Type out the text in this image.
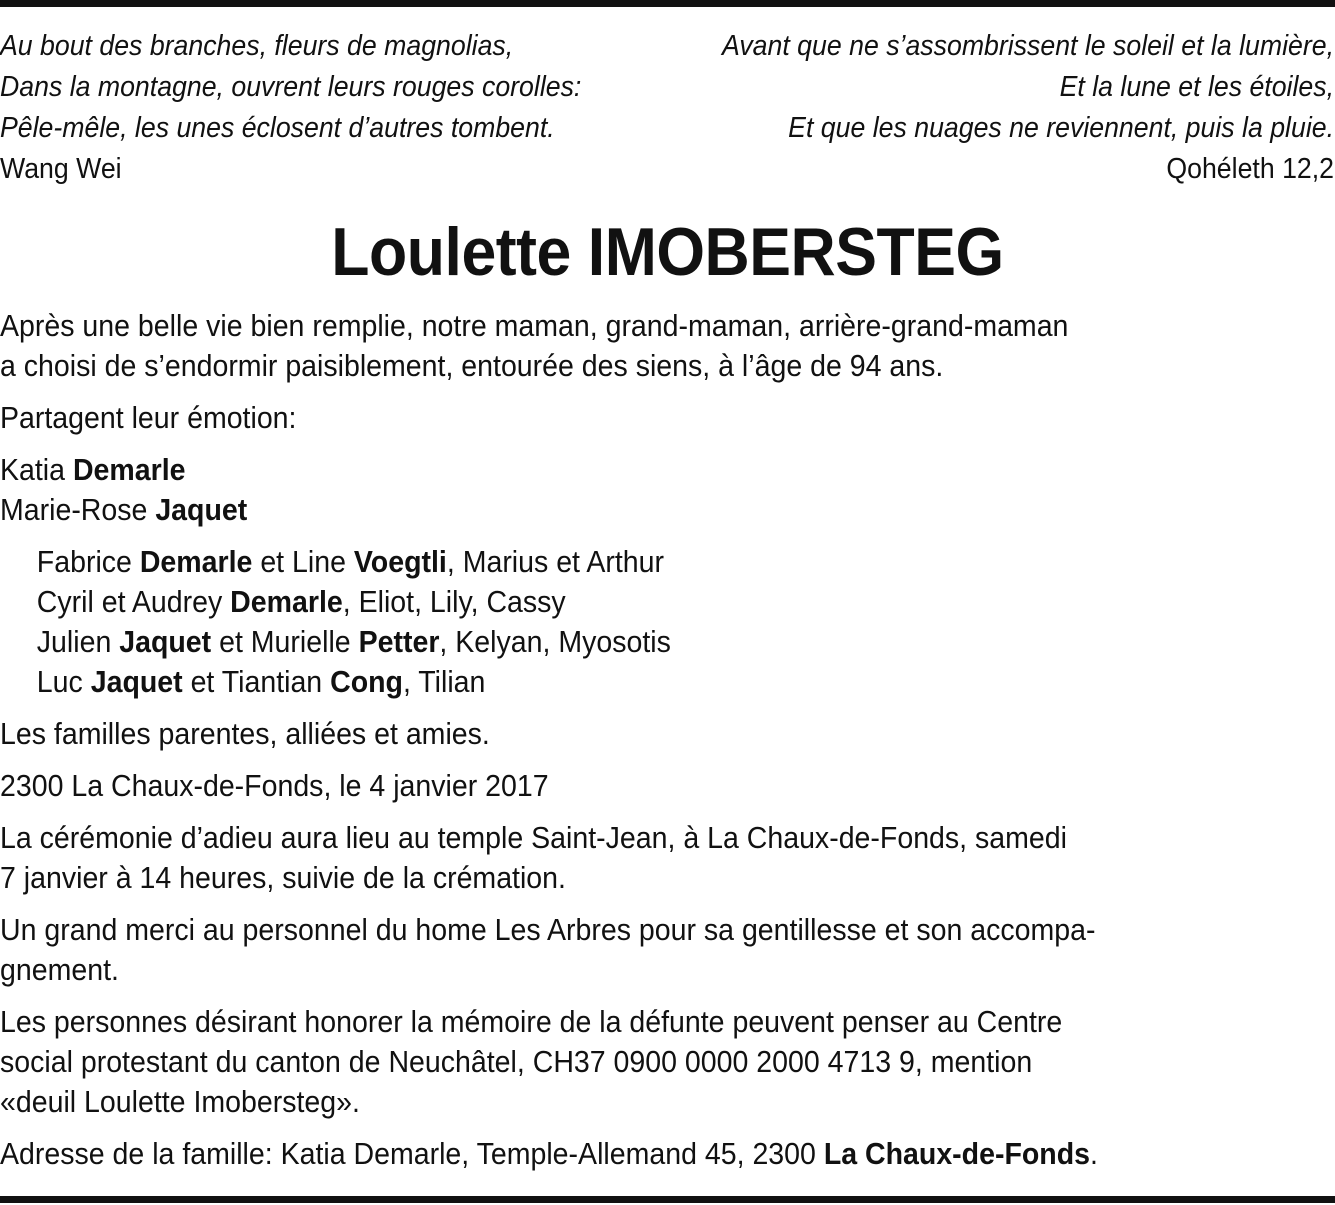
Au bout des branches, fleurs de magnolias,
Dans la montagne, ouvrent leurs rouges corolles:
Pêle-mêle, les unes éclosent d’autres tombent.
Wang Wei
Avant que ne s’assombrissent le soleil et la lumière,
Et la lune et les étoiles,
Et que les nuages ne reviennent, puis la pluie.
Qohéleth 12,2
Loulette IMOBERSTEG

Après une belle vie bien remplie, notre maman, grand-maman, arrière-grand-maman

a choisi de s’endormir paisiblement, entourée des siens, à l’âge de 94 ans.

Partagent leur émotion:

Katia Demarle

Marie-Rose Jaquet

Fabrice Demarle et Line Voegtli, Marius et Arthur

Cyril et Audrey Demarle, Eliot, Lily, Cassy

Julien Jaquet et Murielle Petter, Kelyan, Myosotis

Luc Jaquet et Tiantian Cong, Tilian

Les familles parentes, alliées et amies.

2300 La Chaux-de-Fonds, le 4 janvier 2017

La cérémonie d’adieu aura lieu au temple Saint-Jean, à La Chaux-de-Fonds, samedi

7 janvier à 14 heures, suivie de la crémation.

Un grand merci au personnel du home Les Arbres pour sa gentillesse et son accompa-

gnement.

Les personnes désirant honorer la mémoire de la défunte peuvent penser au Centre

social protestant du canton de Neuchâtel, CH37 0900 0000 2000 4713 9, mention

«deuil Loulette Imobersteg».

Adresse de la famille: Katia Demarle, Temple-Allemand 45, 2300 La Chaux-de-Fonds.
